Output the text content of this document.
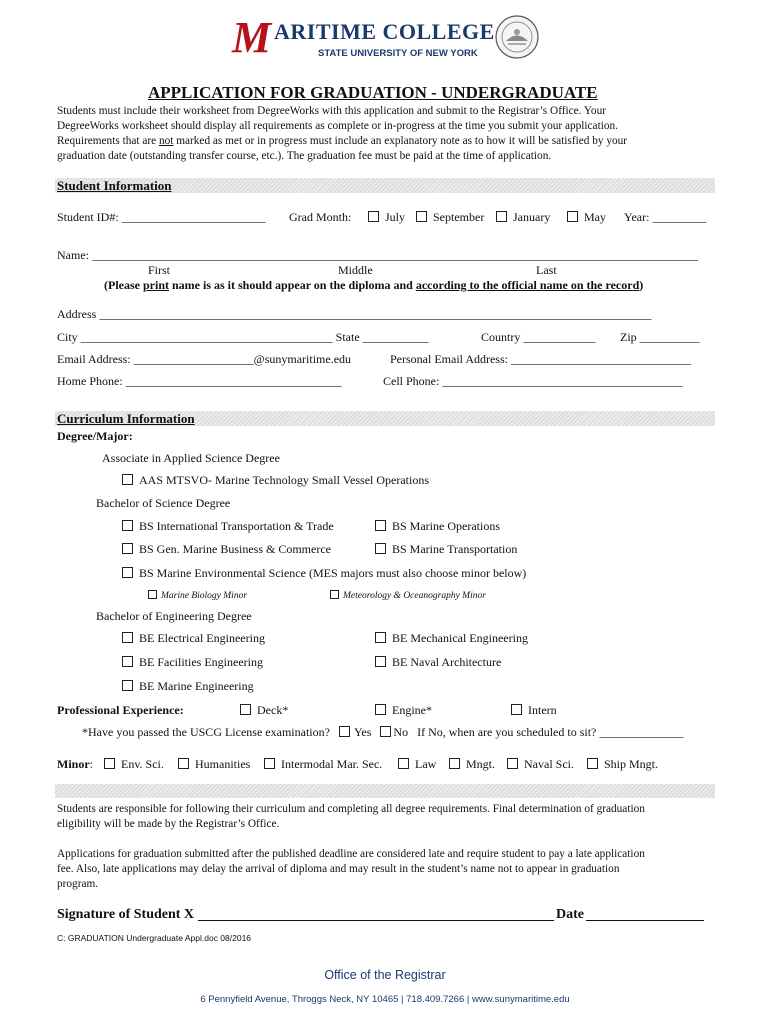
M ARITIME COLLEGE
STATE UNIVERSITY OF NEW YORK
APPLICATION FOR GRADUATION - UNDERGRADUATE
Students must include their worksheet from DegreeWorks with this application and submit to the Registrar’s Office. Your
DegreeWorks worksheet should display all requirements as complete or in-progress at the time you submit your application.
Requirements that are not marked as met or in progress must include an explanatory note as to how it will be satisfied by your
graduation date (outstanding transfer course, etc.). The graduation fee must be paid at the time of application.
Student Information
Student ID#: ________________________ Grad Month:	July	September	January	May Year: _________
Name: _____________________________________________________________________________________________________
First	Middle	Last
(Please print name is as it should appear on the diploma and according to the official name on the record)
Address ____________________________________________________________________________________________
City __________________________________________ State ___________	Country ____________ Zip __________
Email Address: ____________________@sunymaritime.edu	Personal Email Address: ______________________________
Home Phone: ____________________________________	Cell Phone: ________________________________________
Curriculum Information
Degree/Major:
Associate in Applied Science Degree
AAS MTSVO- Marine Technology Small Vessel Operations
Bachelor of Science Degree
BS International Transportation & Trade	BS Marine Operations
BS Gen. Marine Business & Commerce	BS Marine Transportation
BS Marine Environmental Science (MES majors must also choose minor below)
Marine Biology Minor	Meteorology & Oceanography Minor
Bachelor of Engineering Degree
BE Electrical Engineering	BE Mechanical Engineering
BE Facilities Engineering	BE Naval Architecture
BE Marine Engineering
Professional Experience:	Deck*	Engine*	Intern
*Have you passed the USCG License examination? Yes No If No, when are you scheduled to sit? ______________
Minor:	Env. Sci.	Humanities	Intermodal Mar. Sec.	Law	Mngt.	Naval Sci.	Ship Mngt.
Students are responsible for following their curriculum and completing all degree requirements. Final determination of graduation
eligibility will be made by the Registrar’s Office.
Applications for graduation submitted after the published deadline are considered late and require student to pay a late application
fee. Also, late applications may delay the arrival of diploma and may result in the student’s name not to appear in graduation
program.
Signature of Student X	Date
C: GRADUATION Undergraduate Appl.doc 08/2016
Office of the Registrar
6 Pennyfield Avenue, Throggs Neck, NY 10465 | 718.409.7266 | www.sunymaritime.edu
